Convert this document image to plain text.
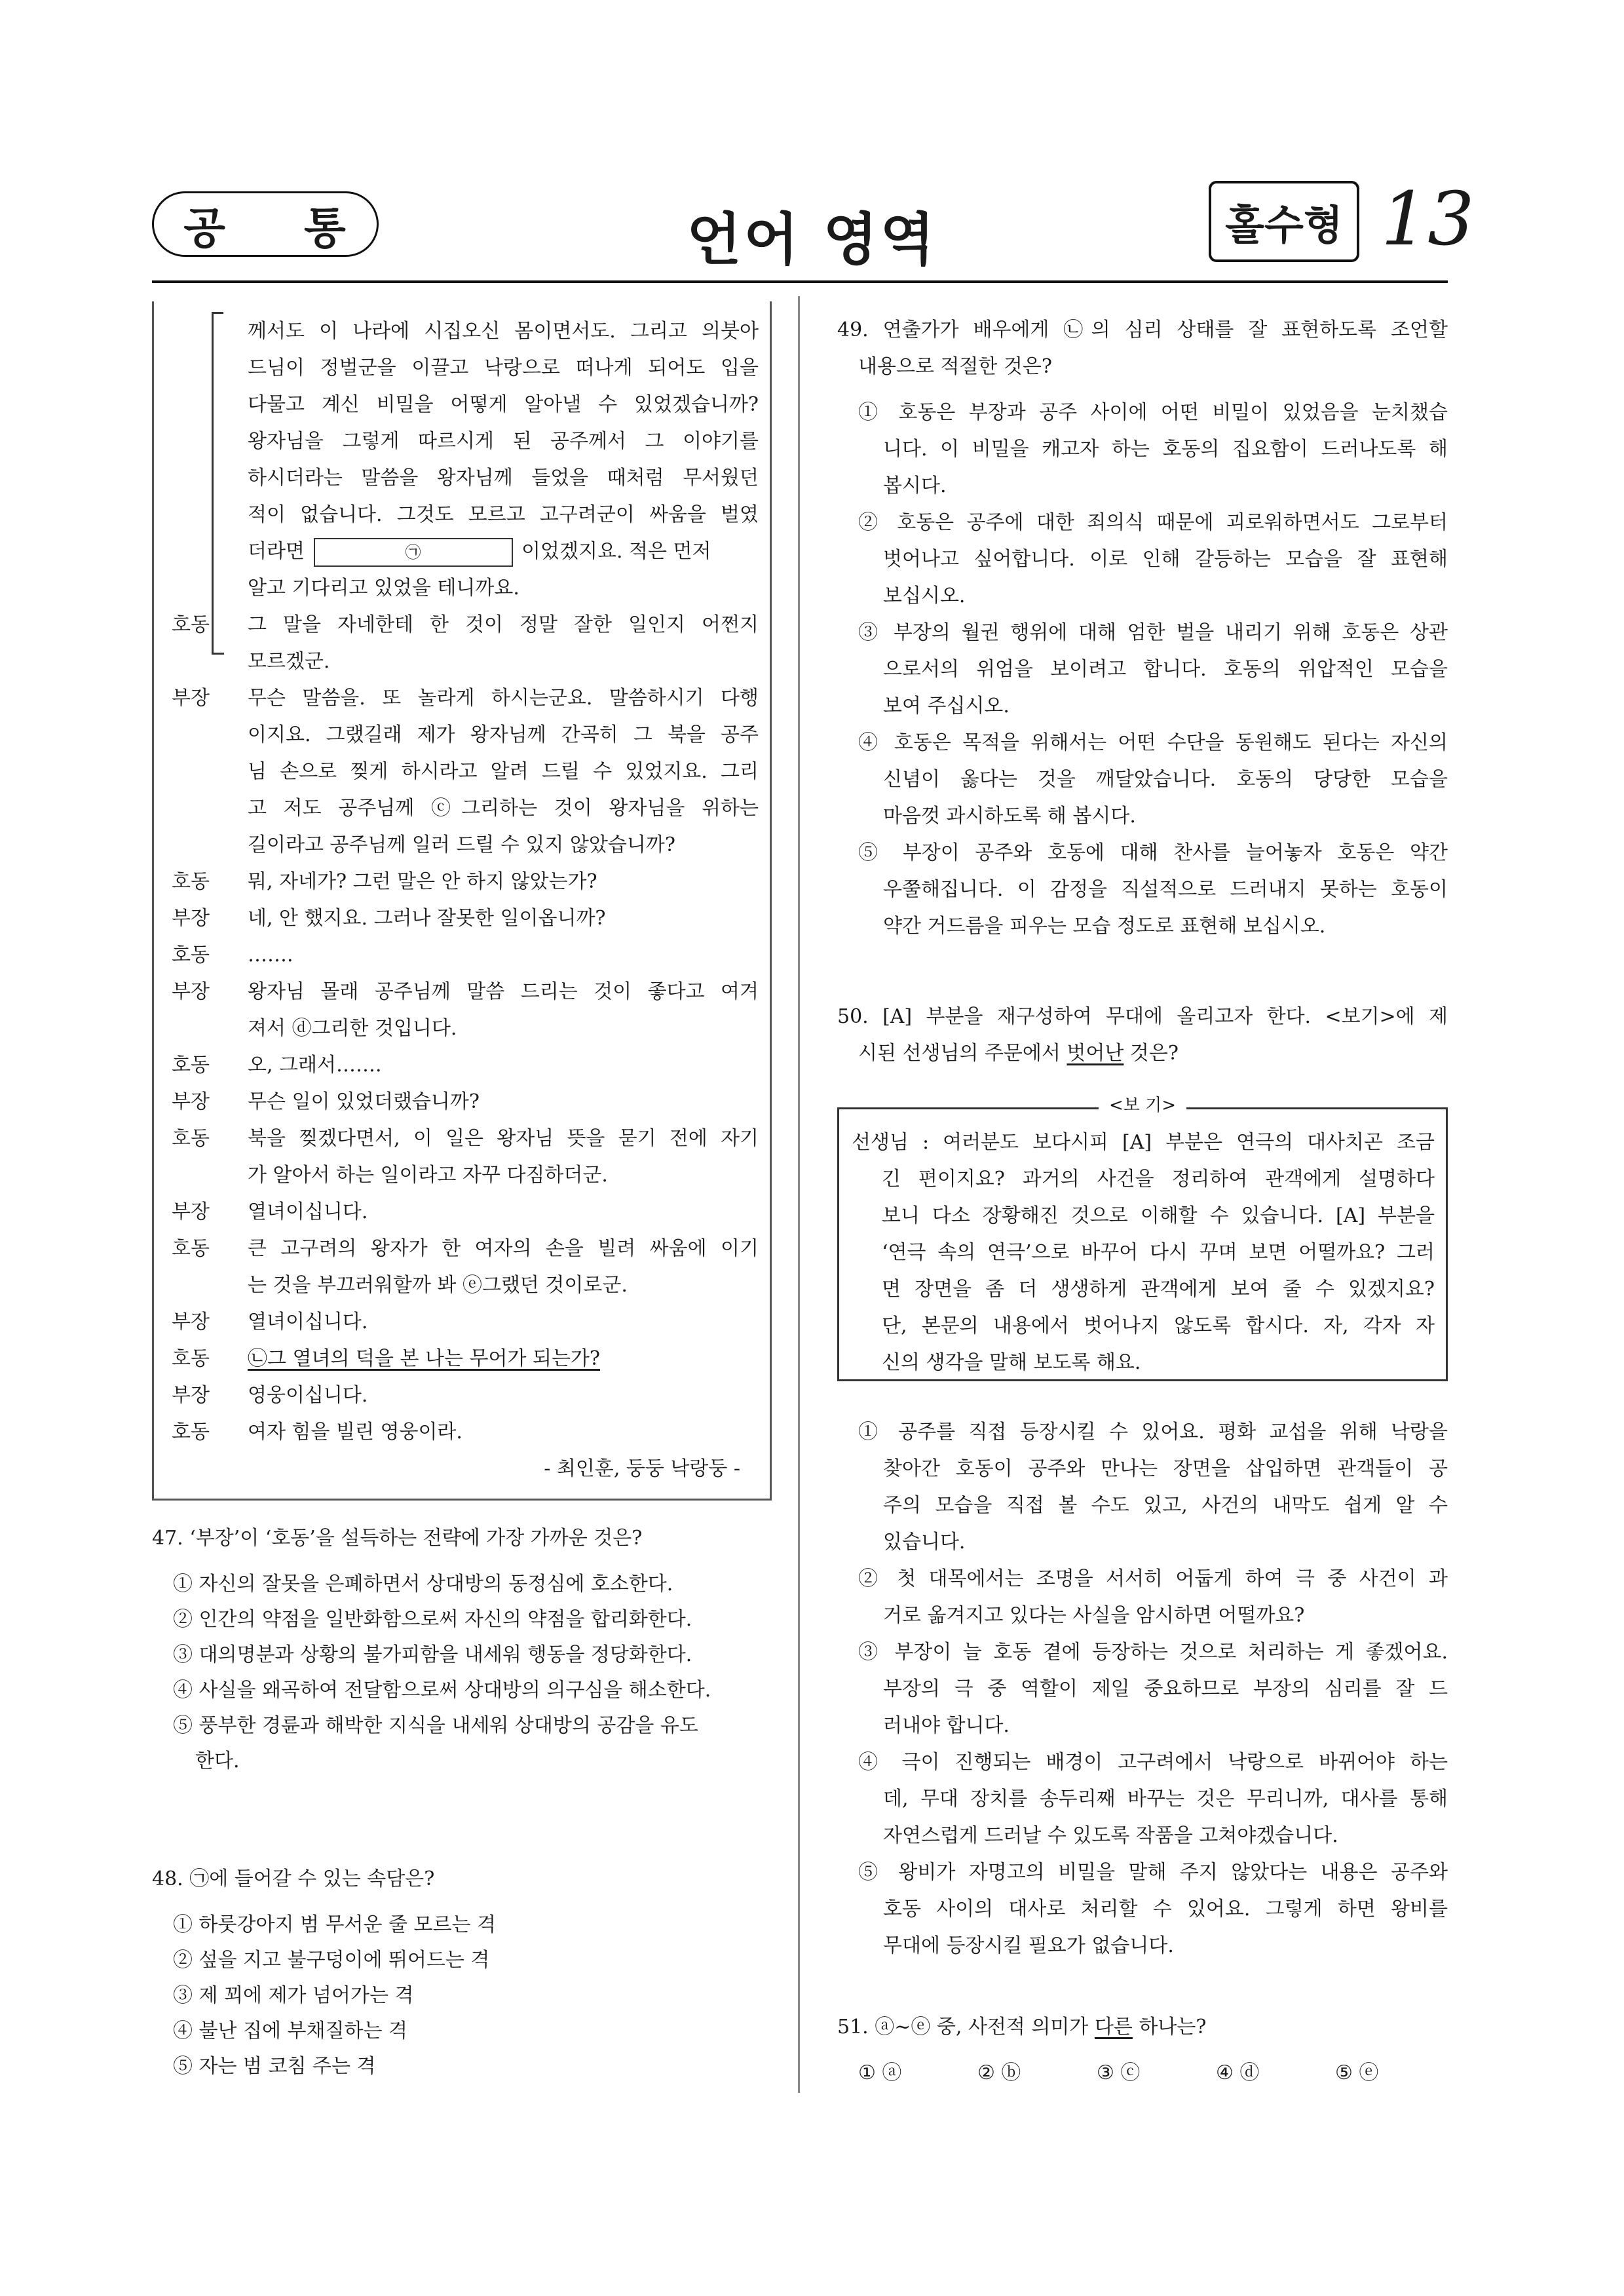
공 통	언어 영역	홀수형 13
께서도 이 나라에 시집오신 몸이면서도. 그리고 의붓아
드님이 정벌군을 이끌고 낙랑으로 떠나게 되어도 입을
다물고 계신 비밀을 어떻게 알아낼 수 있었겠습니까?
왕자님을 그렇게 따르시게 된 공주께서 그 이야기를
하시더라는 말씀을 왕자님께 들었을 때처럼 무서웠던
적이 없습니다. 그것도 모르고 고구려군이 싸움을 벌였
더라면	㉠	이었겠지요. 적은 먼저
알고 기다리고 있었을 테니까요.
호동 그 말을 자네한테 한 것이 정말 잘한 일인지 어쩐지
모르겠군.
부장 무슨 말씀을. 또 놀라게 하시는군요. 말씀하시기 다행
이지요. 그랬길래 제가 왕자님께 간곡히 그 북을 공주
님 손으로 찢게 하시라고 알려 드릴 수 있었지요. 그리
고 저도 공주님께 ⓒ그리하는 것이 왕자님을 위하는
길이라고 공주님께 일러 드릴 수 있지 않았습니까?
호동 뭐, 자네가? 그런 말은 안 하지 않았는가?
부장 네, 안 했지요. 그러나 잘못한 일이옵니까?
호동 …….
부장 왕자님 몰래 공주님께 말씀 드리는 것이 좋다고 여겨
져서 ⓓ그리한 것입니다.
호동 오, 그래서…….
부장 무슨 일이 있었더랬습니까?
호동 북을 찢겠다면서, 이 일은 왕자님 뜻을 묻기 전에 자기
가 알아서 하는 일이라고 자꾸 다짐하더군.
부장 열녀이십니다.
호동 큰 고구려의 왕자가 한 여자의 손을 빌려 싸움에 이기
는 것을 부끄러워할까 봐 ⓔ그랬던 것이로군.
부장 열녀이십니다.
호동 ㉡그 열녀의 덕을 본 나는 무어가 되는가?
부장 영웅이십니다.
호동 여자 힘을 빌린 영웅이라.
- 최인훈, 둥둥 낙랑둥 -
47. ‘부장’이 ‘호동’을 설득하는 전략에 가장 가까운 것은?
① 자신의 잘못을 은폐하면서 상대방의 동정심에 호소한다.
② 인간의 약점을 일반화함으로써 자신의 약점을 합리화한다.
③ 대의명분과 상황의 불가피함을 내세워 행동을 정당화한다.
④ 사실을 왜곡하여 전달함으로써 상대방의 의구심을 해소한다.
⑤ 풍부한 경륜과 해박한 지식을 내세워 상대방의 공감을 유도
한다.
48. ㉠에 들어갈 수 있는 속담은?
① 하룻강아지 범 무서운 줄 모르는 격
② 섶을 지고 불구덩이에 뛰어드는 격
③ 제 꾀에 제가 넘어가는 격
④ 불난 집에 부채질하는 격
⑤ 자는 범 코침 주는 격
49. 연출가가 배우에게 ㉡의 심리 상태를 잘 표현하도록 조언할
내용으로 적절한 것은?
① 호동은 부장과 공주 사이에 어떤 비밀이 있었음을 눈치챘습
니다. 이 비밀을 캐고자 하는 호동의 집요함이 드러나도록 해
봅시다.
② 호동은 공주에 대한 죄의식 때문에 괴로워하면서도 그로부터
벗어나고 싶어합니다. 이로 인해 갈등하는 모습을 잘 표현해
보십시오.
③ 부장의 월권 행위에 대해 엄한 벌을 내리기 위해 호동은 상관
으로서의 위엄을 보이려고 합니다. 호동의 위압적인 모습을
보여 주십시오.
④ 호동은 목적을 위해서는 어떤 수단을 동원해도 된다는 자신의
신념이 옳다는 것을 깨달았습니다. 호동의 당당한 모습을
마음껏 과시하도록 해 봅시다.
⑤ 부장이 공주와 호동에 대해 찬사를 늘어놓자 호동은 약간
우쭐해집니다. 이 감정을 직설적으로 드러내지 못하는 호동이
약간 거드름을 피우는 모습 정도로 표현해 보십시오.
50. [A] 부분을 재구성하여 무대에 올리고자 한다. <보기>에 제
시된 선생님의 주문에서 벗어난 것은?
<보 기>
선생님 : 여러분도 보다시피 [A] 부분은 연극의 대사치곤 조금
긴 편이지요? 과거의 사건을 정리하여 관객에게 설명하다
보니 다소 장황해진 것으로 이해할 수 있습니다. [A] 부분을
‘연극 속의 연극’으로 바꾸어 다시 꾸며 보면 어떨까요? 그러
면 장면을 좀 더 생생하게 관객에게 보여 줄 수 있겠지요?
단, 본문의 내용에서 벗어나지 않도록 합시다. 자, 각자 자
신의 생각을 말해 보도록 해요.
① 공주를 직접 등장시킬 수 있어요. 평화 교섭을 위해 낙랑을
찾아간 호동이 공주와 만나는 장면을 삽입하면 관객들이 공
주의 모습을 직접 볼 수도 있고, 사건의 내막도 쉽게 알 수
있습니다.
② 첫 대목에서는 조명을 서서히 어둡게 하여 극 중 사건이 과
거로 옮겨지고 있다는 사실을 암시하면 어떨까요?
③ 부장이 늘 호동 곁에 등장하는 것으로 처리하는 게 좋겠어요.
부장의 극 중 역할이 제일 중요하므로 부장의 심리를 잘 드
러내야 합니다.
④ 극이 진행되는 배경이 고구려에서 낙랑으로 바뀌어야 하는
데, 무대 장치를 송두리째 바꾸는 것은 무리니까, 대사를 통해
자연스럽게 드러날 수 있도록 작품을 고쳐야겠습니다.
⑤ 왕비가 자명고의 비밀을 말해 주지 않았다는 내용은 공주와
호동 사이의 대사로 처리할 수 있어요. 그렇게 하면 왕비를
무대에 등장시킬 필요가 없습니다.
51. ⓐ~ⓔ 중, 사전적 의미가 다른 하나는?
① ⓐ	② ⓑ	③ ⓒ	④ ⓓ	⑤ ⓔ
